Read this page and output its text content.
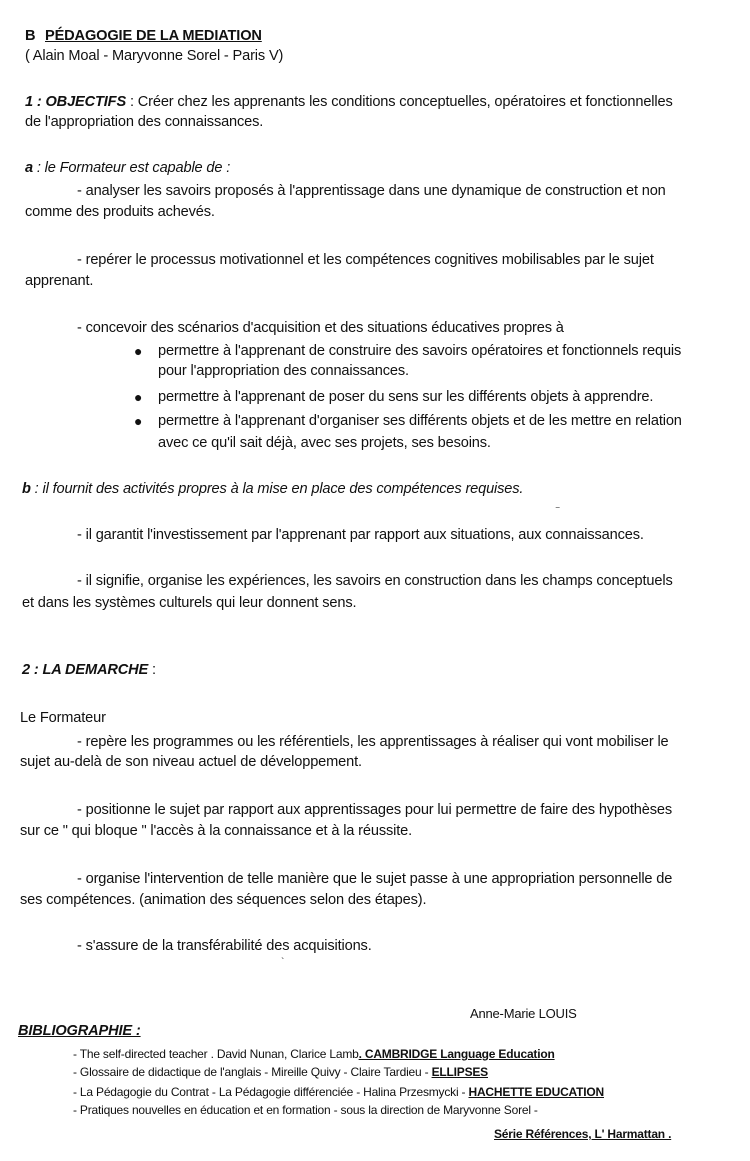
B PÉDAGOGIE DE LA MEDIATION
( Alain Moal - Maryvonne Sorel - Paris V)
1 : OBJECTIFS : Créer chez les apprenants les conditions conceptuelles, opératoires et fonctionnelles
de l'appropriation des connaissances.
a : le Formateur est capable de :
- analyser les savoirs proposés à l'apprentissage dans une dynamique de construction et non
comme des produits achevés.
- repérer le processus motivationnel et les compétences cognitives mobilisables par le sujet
apprenant.
- concevoir des scénarios d'acquisition et des situations éducatives propres à
● permettre à l'apprenant de construire des savoirs opératoires et fonctionnels requis
pour l'appropriation des connaissances.
● permettre à l'apprenant de poser du sens sur les différents objets à apprendre.
● permettre à l'apprenant d'organiser ses différents objets et de les mettre en relation
avec ce qu'il sait déjà, avec ses projets, ses besoins.
b : il fournit des activités propres à la mise en place des compétences requises.
‾
- il garantit l'investissement par l'apprenant par rapport aux situations, aux connaissances.
- il signifie, organise les expériences, les savoirs en construction dans les champs conceptuels
et dans les systèmes culturels qui leur donnent sens.
2 : LA DEMARCHE :
Le Formateur
- repère les programmes ou les référentiels, les apprentissages à réaliser qui vont mobiliser le
sujet au-delà de son niveau actuel de développement.
- positionne le sujet par rapport aux apprentissages pour lui permettre de faire des hypothèses
sur ce " qui bloque " l'accès à la connaissance et à la réussite.
- organise l'intervention de telle manière que le sujet passe à une appropriation personnelle de
ses compétences. (animation des séquences selon des étapes).
- s'assure de la transférabilité des acquisitions.
`
Anne-Marie LOUIS
BIBLIOGRAPHIE :
- The self-directed teacher . David Nunan, Clarice Lamb. CAMBRIDGE Language Education
- Glossaire de didactique de l'anglais - Mireille Quivy - Claire Tardieu - ELLIPSES
- La Pédagogie du Contrat - La Pédagogie différenciée - Halina Przesmycki - HACHETTE EDUCATION
- Pratiques nouvelles en éducation et en formation - sous la direction de Maryvonne Sorel -
Série Références, L' Harmattan .
